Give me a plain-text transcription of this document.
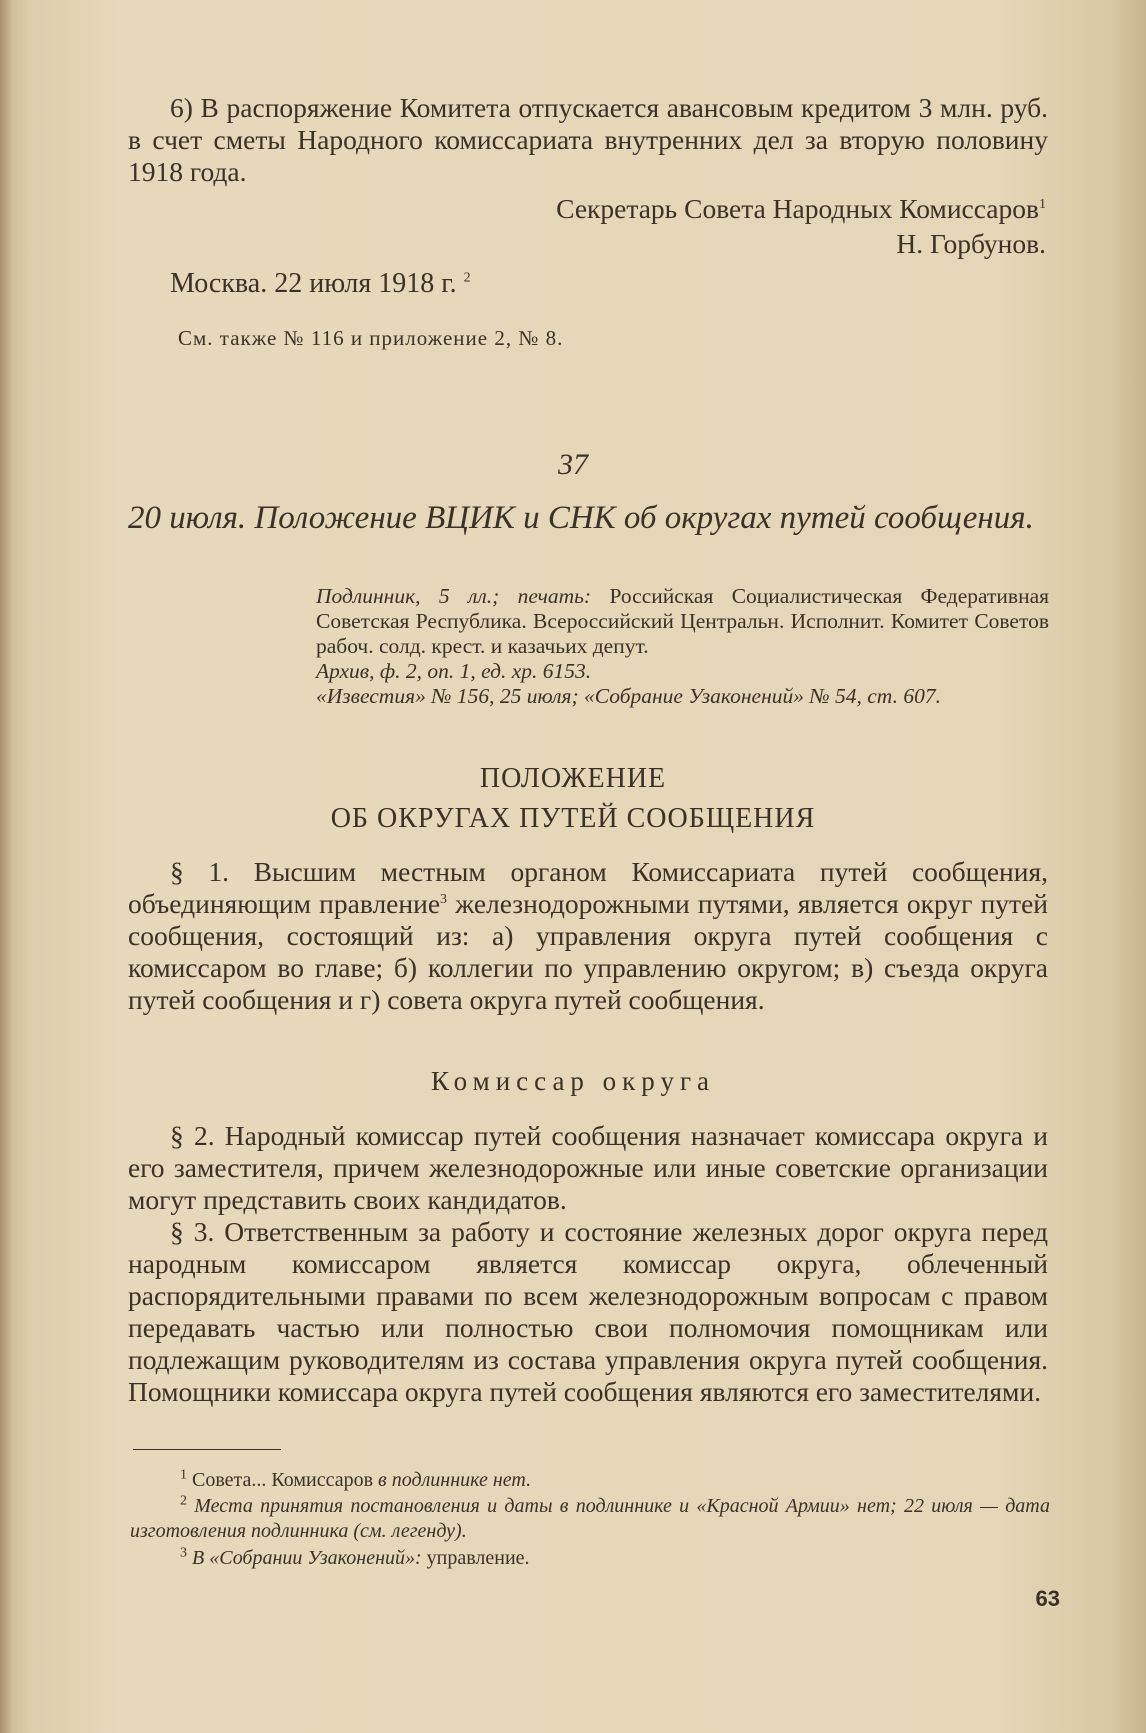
6) В распоряжение Комитета отпускается авансовым кредитом 3 млн. руб. в счет сметы Народного комиссариата внутренних дел за вторую половину 1918 года.

Секретарь Совета Народных Комиссаров$^1$
Н. Горбунов.
Москва. 22 июля 1918 г. $^2$
См. также № 116 и приложение 2, № 8.
37
20 июля. Положение ВЦИК и СНК об округах путей сообщения.
Подлинник, 5 лл.; печать: Российская Социалистическая Федеративная Советская Республика. Всероссийский Центральн. Исполнит. Комитет Советов рабоч. солд. крест. и казачьих депут.
Архив, ф. 2, оп. 1, ед. хр. 6153.
«Известия» № 156, 25 июля; «Собрание Узаконений» № 54, ст. 607.
ПОЛОЖЕНИЕ
ОБ ОКРУГАХ ПУТЕЙ СООБЩЕНИЯ

§ 1. Высшим местным органом Комиссариата путей сообщения, объединяющим правление$^3$ железнодорожными путями, является округ путей сообщения, состоящий из: а) управления округа путей сообщения с комиссаром во главе; б) коллегии по управлению округом; в) съезда округа путей сообщения и г) совета округа путей сообщения.

Комиссар округа

§ 2. Народный комиссар путей сообщения назначает комиссара округа и его заместителя, причем железнодорожные или иные советские организации могут представить своих кандидатов.

§ 3. Ответственным за работу и состояние железных дорог округа перед народным комиссаром является комиссар округа, облеченный распорядительными правами по всем железнодорожным вопросам с правом передавать частью или полностью свои полномочия помощникам или подлежащим руководителям из состава управления округа путей сообщения. Помощники комиссара округа путей сообщения являются его заместителями.

$^1$ Совета... Комиссаров в подлиннике нет.
$^2$ Места принятия постановления и даты в подлиннике и «Красной Армии» нет; 22 июля — дата изготовления подлинника (см. легенду).
$^3$ В «Собрании Узаконений»: управление.
63
